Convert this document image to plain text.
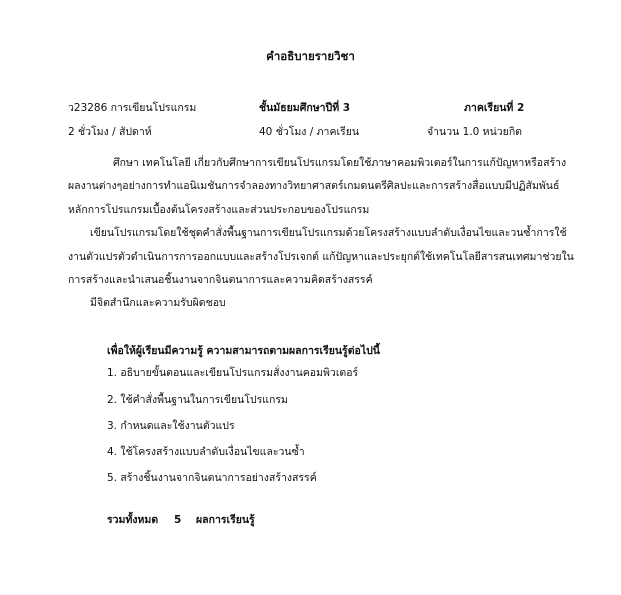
คำอธิบายรายวิชา
ว23286 การเขียนโปรแกรม	ชั้นมัธยมศึกษาปีที่ 3	ภาคเรียนที่ 2
2 ชั่วโมง / สัปดาห์	40 ชั่วโมง / ภาคเรียน	จำนวน 1.0 หน่วยกิต
ศึกษา เทคโนโลยี เกี่ยวกับศึกษาการเขียนโปรแกรมโดยใช้ภาษาคอมพิวเตอร์ในการแก้ปัญหาหรือสร้าง
ผลงานต่างๆอย่างการทำแอนิเมชันการจำลองทางวิทยาศาสตร์เกมดนตรีศิลปะและการสร้างสื่อแบบมีปฏิสัมพันธ์
หลักการโปรแกรมเบื้องต้นโครงสร้างและส่วนประกอบของโปรแกรม
เขียนโปรแกรมโดยใช้ชุดคำสั่งพื้นฐานการเขียนโปรแกรมด้วยโครงสร้างแบบลำดับเงื่อนไขและวนซ้ำการใช้
งานตัวแปรตัวดำเนินการการออกแบบและสร้างโปรเจกต์ แก้ปัญหาและประยุกต์ใช้เทคโนโลยีสารสนเทศมาช่วยใน
การสร้างและนำเสนอชิ้นงานจากจินตนาการและความคิดสร้างสรรค์
มีจิตสำนึกและความรับผิดชอบ
เพื่อให้ผู้เรียนมีความรู้ ความสามารถตามผลการเรียนรู้ต่อไปนี้
1. อธิบายขั้นตอนและเขียนโปรแกรมสั่งงานคอมพิวเตอร์
2. ใช้คำสั่งพื้นฐานในการเขียนโปรแกรม
3. กำหนดและใช้งานตัวแปร
4. ใช้โครงสร้างแบบลำดับเงื่อนไขและวนซ้ำ
5. สร้างชิ้นงานจากจินตนาการอย่างสร้างสรรค์
รวมทั้งหมด 5 ผลการเรียนรู้
